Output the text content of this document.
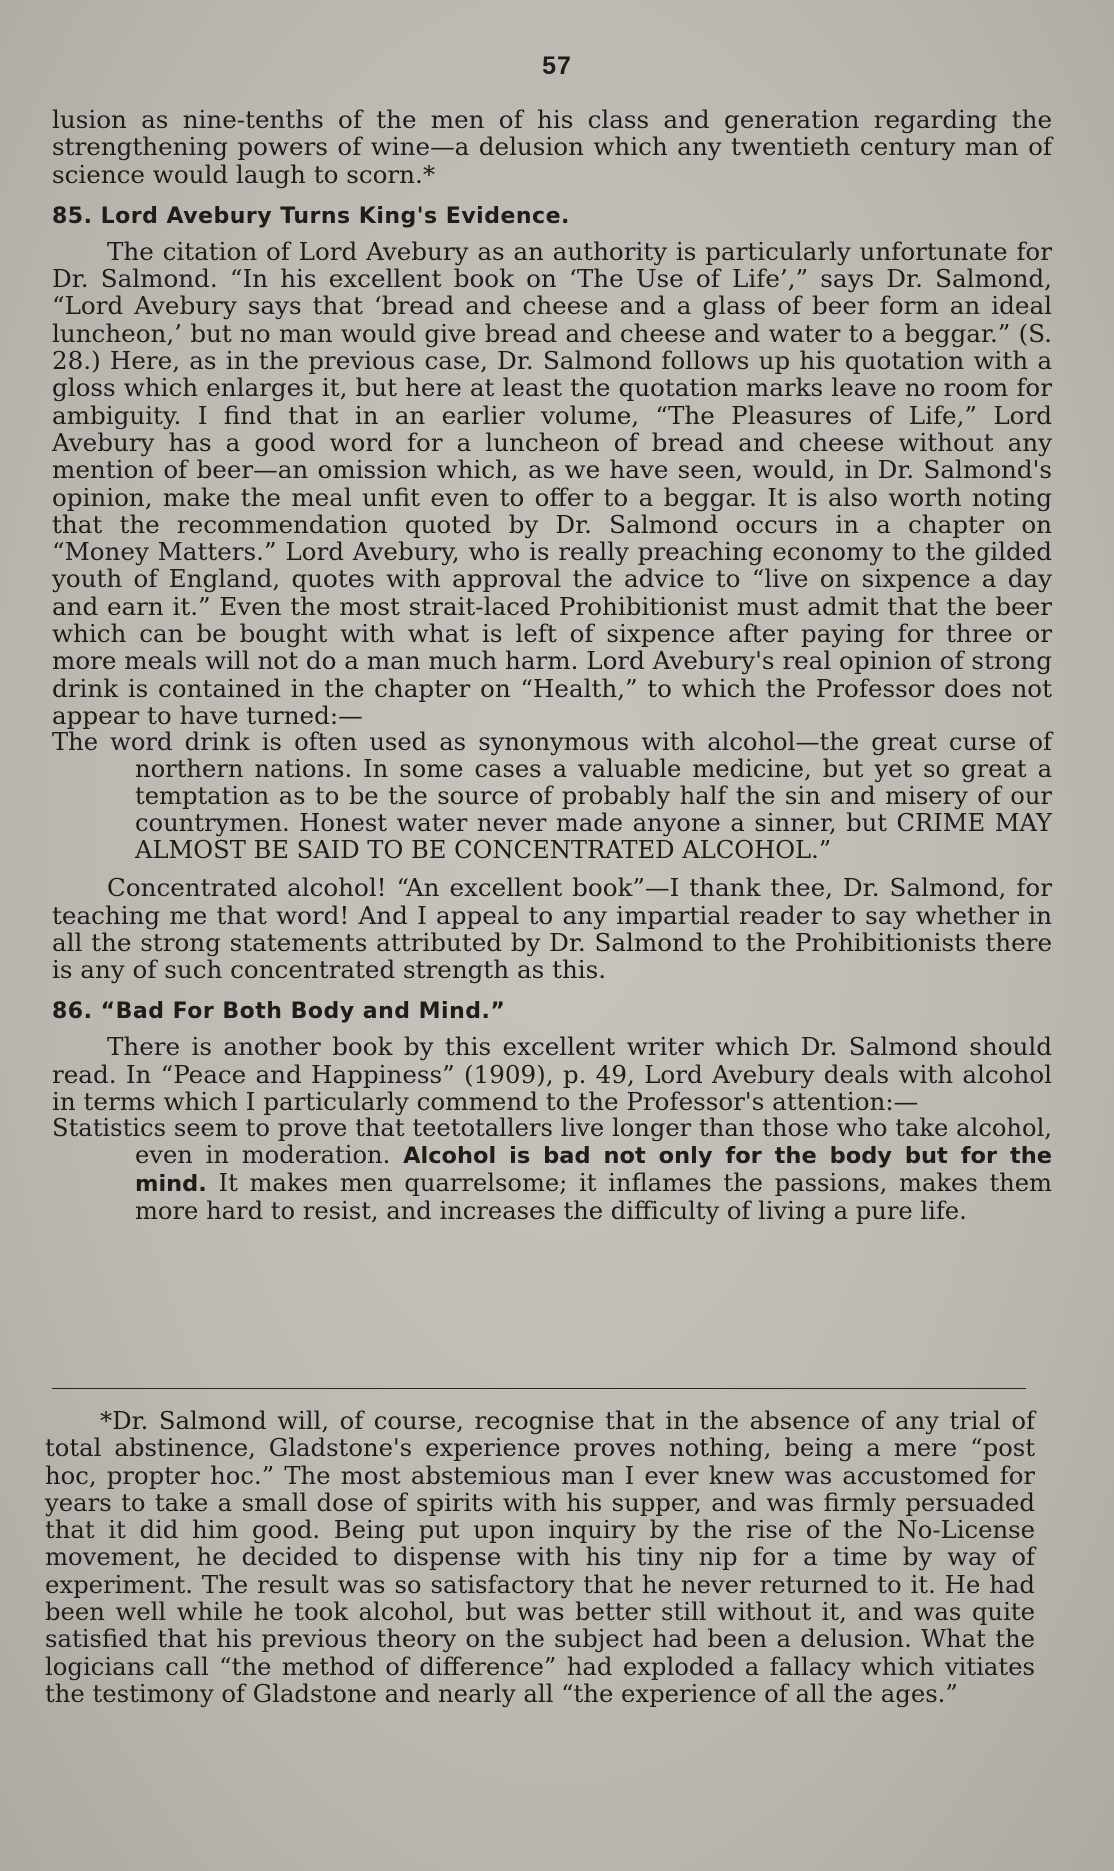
57

lusion as nine-tenths of the men of his class and generation regarding the strengthening powers of wine—a delusion which any twentieth century man of science would laugh to scorn.*

85. Lord Avebury Turns King's Evidence.

The citation of Lord Avebury as an authority is particularly unfortunate for Dr. Salmond. “In his excellent book on ‘The Use of Life’,” says Dr. Salmond, “Lord Avebury says that ‘bread and cheese and a glass of beer form an ideal luncheon,’ but no man would give bread and cheese and water to a beggar.” (S. 28.) Here, as in the previous case, Dr. Salmond follows up his quotation with a gloss which enlarges it, but here at least the quotation marks leave no room for ambiguity. I find that in an earlier volume, “The Pleasures of Life,” Lord Avebury has a good word for a luncheon of bread and cheese without any mention of beer—an omission which, as we have seen, would, in Dr. Salmond's opinion, make the meal unfit even to offer to a beggar. It is also worth noting that the recommendation quoted by Dr. Salmond occurs in a chapter on “Money Matters.” Lord Avebury, who is really preaching economy to the gilded youth of England, quotes with approval the advice to “live on sixpence a day and earn it.” Even the most strait-laced Prohibitionist must admit that the beer which can be bought with what is left of sixpence after paying for three or more meals will not do a man much harm. Lord Avebury's real opinion of strong drink is contained in the chapter on “Health,” to which the Professor does not appear to have turned:—

The word drink is often used as synonymous with alcohol—the great curse of northern nations. In some cases a valuable medicine, but yet so great a temptation as to be the source of probably half the sin and misery of our countrymen. Honest water never made anyone a sinner, but CRIME MAY ALMOST BE SAID TO BE CONCENTRATED ALCOHOL.”

Concentrated alcohol! “An excellent book”—I thank thee, Dr. Salmond, for teaching me that word! And I appeal to any impartial reader to say whether in all the strong statements attributed by Dr. Salmond to the Prohibitionists there is any of such concentrated strength as this.

86. “Bad For Both Body and Mind.”

There is another book by this excellent writer which Dr. Salmond should read. In “Peace and Happiness” (1909), p. 49, Lord Avebury deals with alcohol in terms which I particularly commend to the Professor's attention:—

Statistics seem to prove that teetotallers live longer than those who take alcohol, even in moderation. Alcohol is bad not only for the body but for the mind. It makes men quarrelsome; it inflames the passions, makes them more hard to resist, and increases the difficulty of living a pure life.

*Dr. Salmond will, of course, recognise that in the absence of any trial of total abstinence, Gladstone's experience proves nothing, being a mere “post hoc, propter hoc.” The most abstemious man I ever knew was accustomed for years to take a small dose of spirits with his supper, and was firmly persuaded that it did him good. Being put upon inquiry by the rise of the No-License movement, he decided to dispense with his tiny nip for a time by way of experiment. The result was so satisfactory that he never returned to it. He had been well while he took alcohol, but was better still without it, and was quite satisfied that his previous theory on the subject had been a delusion. What the logicians call “the method of difference” had exploded a fallacy which vitiates the testimony of Gladstone and nearly all “the experience of all the ages.”
